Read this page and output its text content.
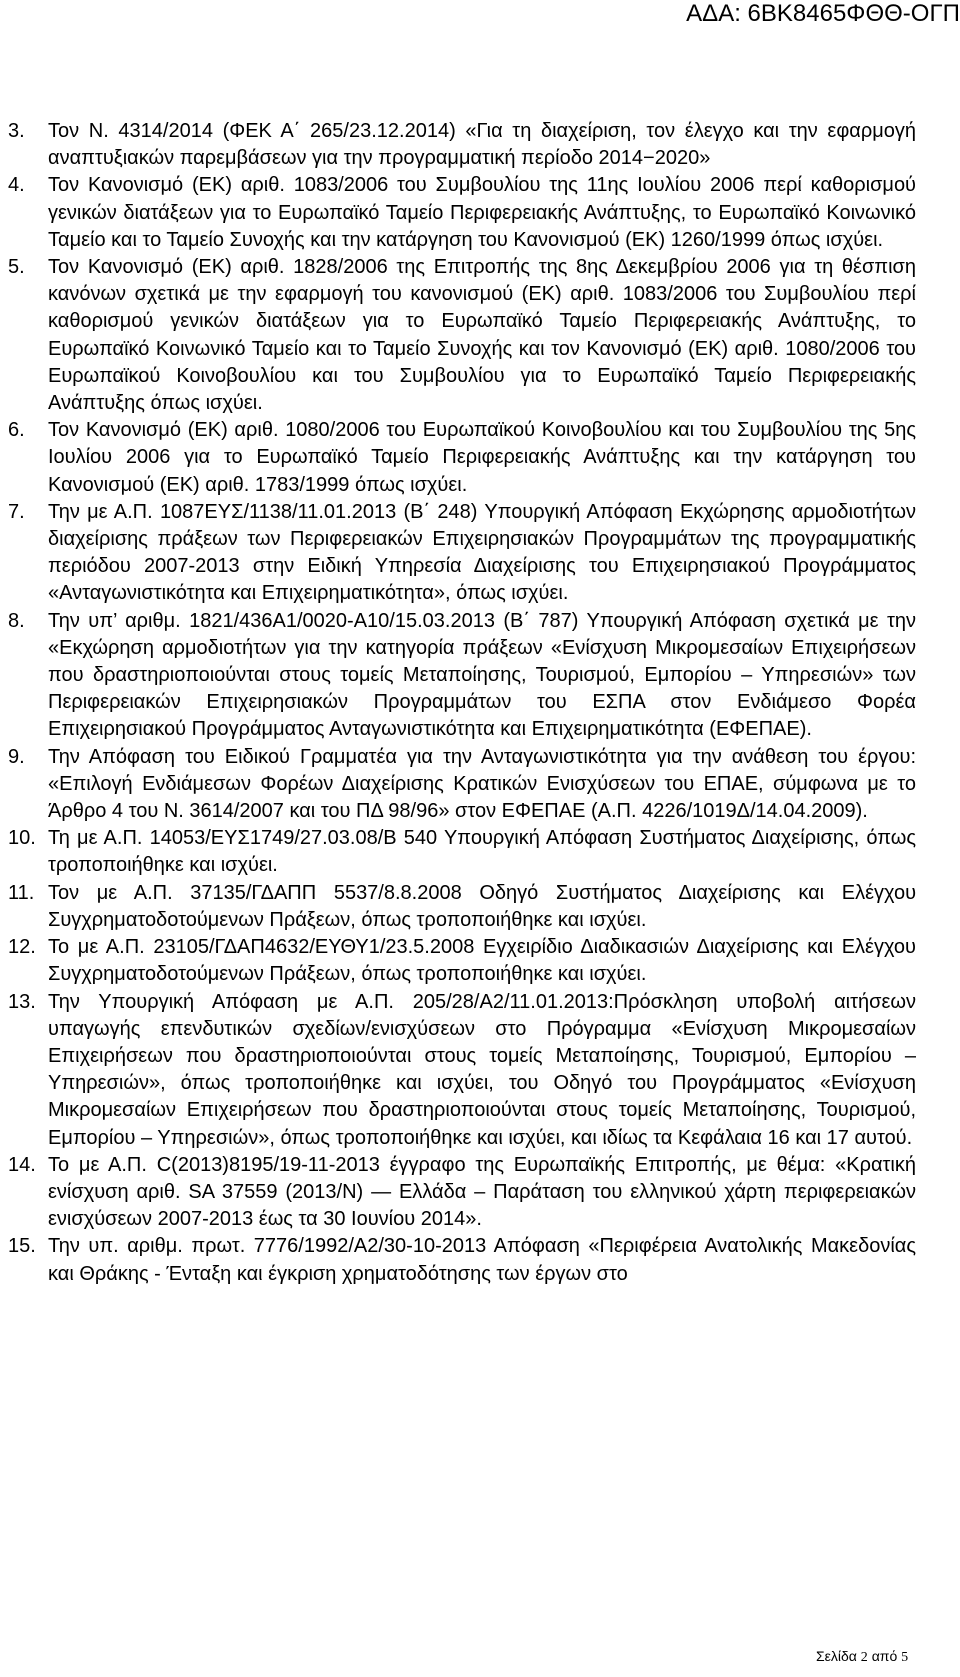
ΑΔΑ: 6ΒΚ8465ΦΘΘ-ΟΓΠ
3.	Τον Ν. 4314/2014 (ΦΕΚ Α΄ 265/23.12.2014) «Για τη διαχείριση, τον έλεγχο και την εφαρμογή αναπτυξιακών παρεμβάσεων για την προγραμματική περίοδο 2014−2020»
4.	Τον Κανονισμό (ΕΚ) αριθ. 1083/2006 του Συμβουλίου της 11ης Ιουλίου 2006 περί καθορισμού γενικών διατάξεων για το Ευρωπαϊκό Ταμείο Περιφερειακής Ανάπτυξης, το Ευρωπαϊκό Κοινωνικό Ταμείο και το Ταμείο Συνοχής και την κατάργηση του Κανονισμού (ΕΚ) 1260/1999 όπως ισχύει.
5.	Τον Κανονισμό (ΕΚ) αριθ. 1828/2006 της Επιτροπής της 8ης Δεκεμβρίου 2006 για τη θέσπιση κανόνων σχετικά με την εφαρμογή του κανονισμού (ΕΚ) αριθ. 1083/2006 του Συμβουλίου περί καθορισμού γενικών διατάξεων για το Ευρωπαϊκό Ταμείο Περιφερειακής Ανάπτυξης, το Ευρωπαϊκό Κοινωνικό Ταμείο και το Ταμείο Συνοχής και τον Κανονισμό (ΕΚ) αριθ. 1080/2006 του Ευρωπαϊκού Κοινοβουλίου και του Συμβουλίου για το Ευρωπαϊκό Ταμείο Περιφερειακής Ανάπτυξης όπως ισχύει.
6.	Τον Κανονισμό (ΕΚ) αριθ. 1080/2006 του Ευρωπαϊκού Κοινοβουλίου και του Συμβουλίου της 5ης Ιουλίου 2006 για το Ευρωπαϊκό Ταμείο Περιφερειακής Ανάπτυξης και την κατάργηση του Κανονισμού (ΕΚ) αριθ. 1783/1999 όπως ισχύει.
7.	Την με Α.Π. 1087ΕΥΣ/1138/11.01.2013 (Β΄ 248) Υπουργική Απόφαση Εκχώρησης αρμοδιοτήτων διαχείρισης πράξεων των Περιφερειακών Επιχειρησιακών Προγραμμάτων της προγραμματικής περιόδου 2007-2013 στην Ειδική Υπηρεσία Διαχείρισης του Επιχειρησιακού Προγράμματος «Ανταγωνιστικότητα και Επιχειρηματικότητα», όπως ισχύει.
8.	Την υπ’ αριθμ. 1821/436Α1/0020-Α10/15.03.2013 (Β΄ 787) Υπουργική Απόφαση σχετικά με την «Εκχώρηση αρμοδιοτήτων για την κατηγορία πράξεων «Ενίσχυση Μικρομεσαίων Επιχειρήσεων που δραστηριοποιούνται στους τομείς Μεταποίησης, Τουρισμού, Εμπορίου – Υπηρεσιών» των Περιφερειακών Επιχειρησιακών Προγραμμάτων του ΕΣΠΑ στον Ενδιάμεσο Φορέα Επιχειρησιακού Προγράμματος Ανταγωνιστικότητα και Επιχειρηματικότητα (ΕΦΕΠΑΕ).
9.	Την Απόφαση του Ειδικού Γραμματέα για την Ανταγωνιστικότητα για την ανάθεση του έργου: «Επιλογή Ενδιάμεσων Φορέων Διαχείρισης Κρατικών Ενισχύσεων του ΕΠΑΕ, σύμφωνα με το Άρθρο 4 του Ν. 3614/2007 και του ΠΔ 98/96» στον ΕΦΕΠΑΕ (Α.Π. 4226/1019Δ/14.04.2009).
10. Τη με Α.Π. 14053/ΕΥΣ1749/27.03.08/Β 540 Υπουργική Απόφαση Συστήματος Διαχείρισης, όπως τροποποιήθηκε και ισχύει.
11. Τον με Α.Π. 37135/ΓΔΑΠΠ 5537/8.8.2008 Οδηγό Συστήματος Διαχείρισης και Ελέγχου Συγχρηματοδοτούμενων Πράξεων, όπως τροποποιήθηκε και ισχύει.
12. Το με Α.Π. 23105/ΓΔΑΠ4632/ΕΥΘΥ1/23.5.2008 Εγχειρίδιο Διαδικασιών Διαχείρισης και Ελέγχου Συγχρηματοδοτούμενων Πράξεων, όπως τροποποιήθηκε και ισχύει.
13. Την Υπουργική Απόφαση με Α.Π. 205/28/Α2/11.01.2013:Πρόσκληση υποβολή αιτήσεων υπαγωγής επενδυτικών σχεδίων/ενισχύσεων στο Πρόγραμμα «Ενίσχυση Μικρομεσαίων Επιχειρήσεων που δραστηριοποιούνται στους τομείς Μεταποίησης, Τουρισμού, Εμπορίου – Υπηρεσιών», όπως τροποποιήθηκε και ισχύει, του Οδηγό του Προγράμματος «Ενίσχυση Μικρομεσαίων Επιχειρήσεων που δραστηριοποιούνται στους τομείς Μεταποίησης, Τουρισμού, Εμπορίου – Υπηρεσιών», όπως τροποποιήθηκε και ισχύει, και ιδίως τα Κεφάλαια 16 και 17 αυτού.
14. Το με Α.Π. C(2013)8195/19-11-2013 έγγραφο της Ευρωπαϊκής Επιτροπής, με θέμα: «Κρατική ενίσχυση αριθ. SA 37559 (2013/N) — Ελλάδα – Παράταση του ελληνικού χάρτη περιφερειακών ενισχύσεων 2007-2013 έως τα 30 Ιουνίου 2014».
15. Την υπ. αριθμ. πρωτ. 7776/1992/Α2/30-10-2013 Απόφαση «Περιφέρεια Ανατολικής Μακεδονίας και Θράκης - Ένταξη και έγκριση χρηματοδότησης των έργων στο
Σελίδα 2 από 5
